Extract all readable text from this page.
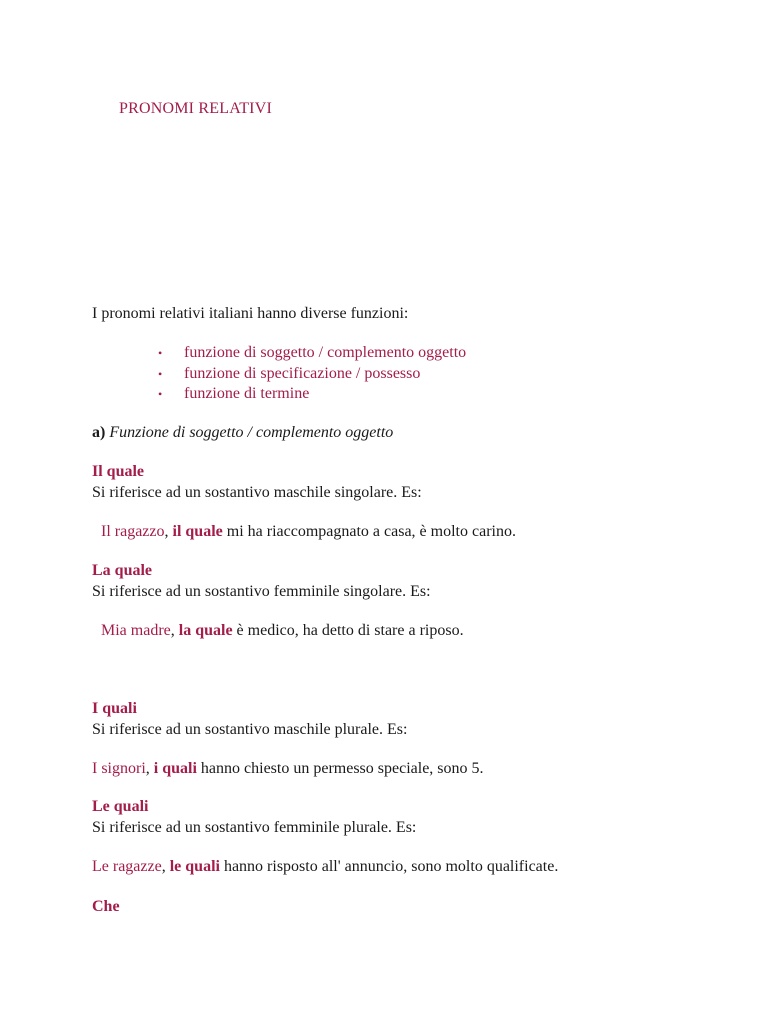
PRONOMI RELATIVI
I pronomi relativi italiani hanno diverse funzioni:
• funzione di soggetto / complemento oggetto
• funzione di specificazione / possesso
• funzione di termine
a) Funzione di soggetto / complemento oggetto
Il quale
Si riferisce ad un sostantivo maschile singolare. Es:
Il ragazzo, il quale mi ha riaccompagnato a casa, è molto carino.
La quale
Si riferisce ad un sostantivo femminile singolare. Es:
Mia madre, la quale è medico, ha detto di stare a riposo.
I quali
Si riferisce ad un sostantivo maschile plurale. Es:
I signori, i quali hanno chiesto un permesso speciale, sono 5.
Le quali
Si riferisce ad un sostantivo femminile plurale. Es:
Le ragazze, le quali hanno risposto all' annuncio, sono molto qualificate.
Che
